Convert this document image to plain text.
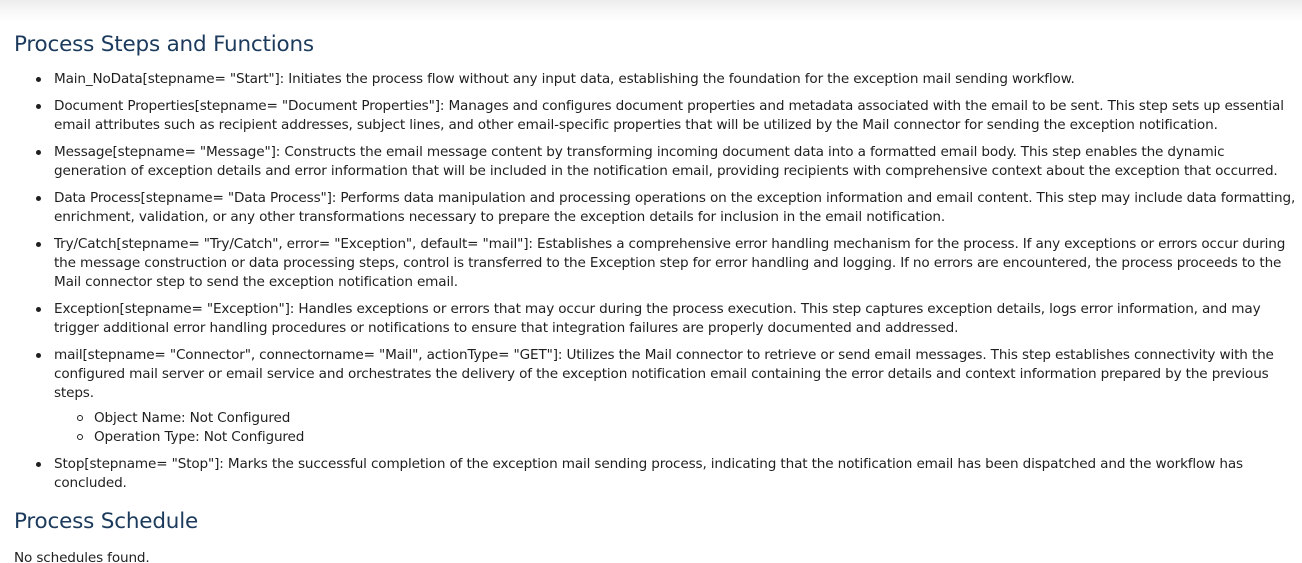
Process Steps and Functions
Main_NoData[stepname= "Start"]: Initiates the process flow without any input data, establishing the foundation for the exception mail sending workflow.
Document Properties[stepname= "Document Properties"]: Manages and configures document properties and metadata associated with the email to be sent. This step sets up essential email attributes such as recipient addresses, subject lines, and other email-specific properties that will be utilized by the Mail connector for sending the exception notification.
Message[stepname= "Message"]: Constructs the email message content by transforming incoming document data into a formatted email body. This step enables the dynamic generation of exception details and error information that will be included in the notification email, providing recipients with comprehensive context about the exception that occurred.
Data Process[stepname= "Data Process"]: Performs data manipulation and processing operations on the exception information and email content. This step may include data formatting, enrichment, validation, or any other transformations necessary to prepare the exception details for inclusion in the email notification.
Try/Catch[stepname= "Try/Catch", error= "Exception", default= "mail"]: Establishes a comprehensive error handling mechanism for the process. If any exceptions or errors occur during the message construction or data processing steps, control is transferred to the Exception step for error handling and logging. If no errors are encountered, the process proceeds to the Mail connector step to send the exception notification email.
Exception[stepname= "Exception"]: Handles exceptions or errors that may occur during the process execution. This step captures exception details, logs error information, and may trigger additional error handling procedures or notifications to ensure that integration failures are properly documented and addressed.
mail[stepname= "Connector", connectorname= "Mail", actionType= "GET"]: Utilizes the Mail connector to retrieve or send email messages. This step establishes connectivity with the configured mail server or email service and orchestrates the delivery of the exception notification email containing the error details and context information prepared by the previous steps.
Object Name: Not Configured
Operation Type: Not Configured
Stop[stepname= "Stop"]: Marks the successful completion of the exception mail sending process, indicating that the notification email has been dispatched and the workflow has concluded.
Process Schedule

No schedules found.
